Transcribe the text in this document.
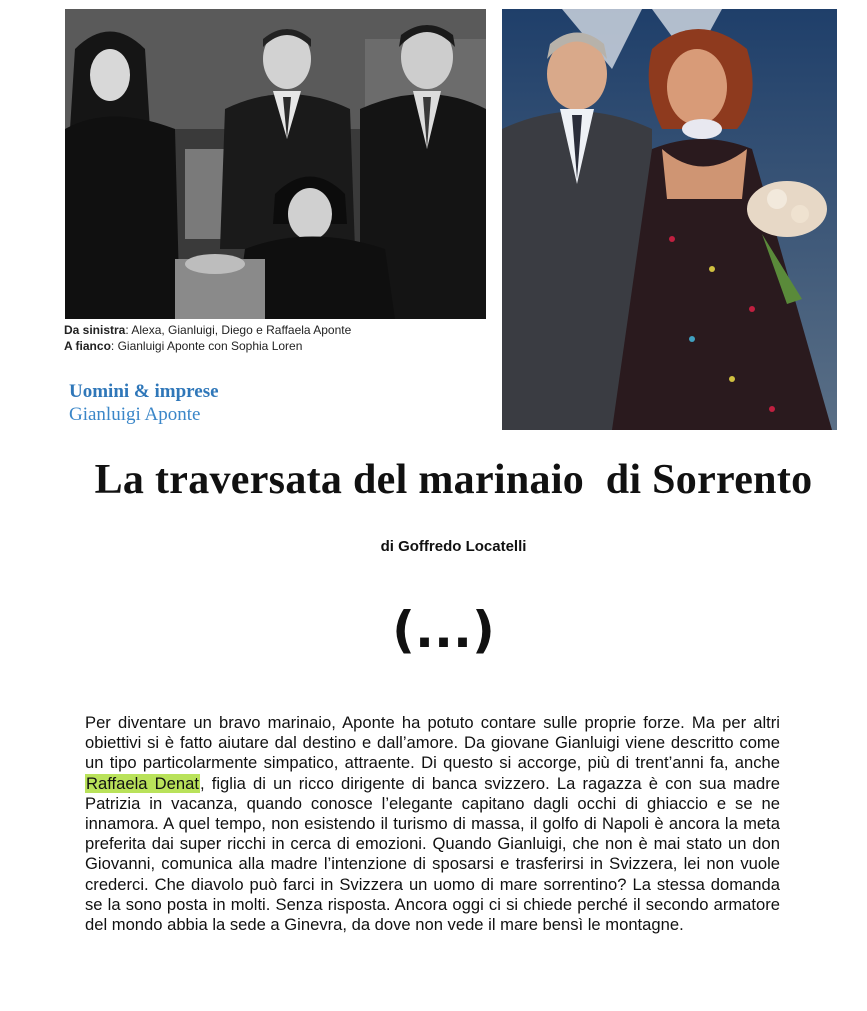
Da sinistra: Alexa, Gianluigi, Diego e Raffaela Aponte
A fianco: Gianluigi Aponte con Sophia Loren
Uomini & imprese
Gianluigi Aponte
La traversata del marinaio  di Sorrento
di Goffredo Locatelli
(...)

Per diventare un bravo marinaio, Aponte ha potuto contare sulle proprie forze. Ma per altri obiettivi si è fatto aiutare dal destino e dall’amore. Da giovane Gianluigi viene descritto come un tipo particolarmente simpatico, attraente. Di questo si accorge, più di trent’anni fa, anche Raffaela Denat, figlia di un ricco dirigente di banca svizzero. La ragazza è con sua madre Patrizia in vacanza, quando conosce l’elegante capitano dagli occhi di ghiaccio e se ne innamora. A quel tempo, non esistendo il turismo di massa, il golfo di Napoli è ancora la meta preferita dai super ricchi in cerca di emozioni. Quando Gianluigi, che non è mai stato un don Giovanni, comunica alla madre l’intenzione di sposarsi e trasferirsi in Svizzera, lei non vuole crederci. Che diavolo può farci in Svizzera un uomo di mare sorrentino? La stessa domanda se la sono posta in molti. Senza risposta. Ancora oggi ci si chiede perché il secondo armatore del mondo abbia la sede a Ginevra, da dove non vede il mare bensì le montagne.
